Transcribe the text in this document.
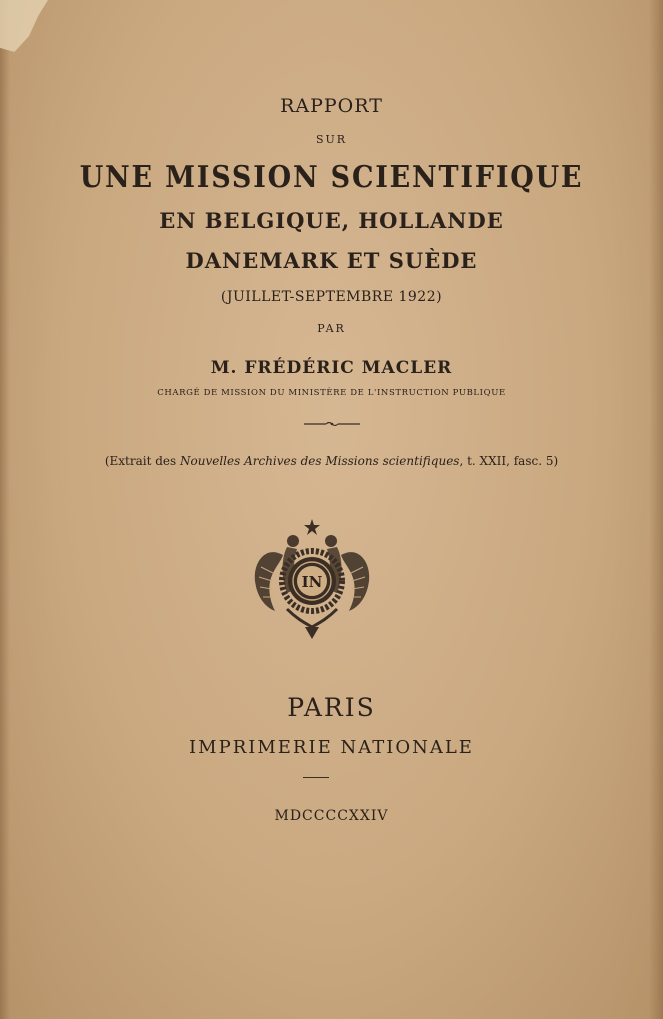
RAPPORT
SUR
UNE MISSION SCIENTIFIQUE
EN BELGIQUE, HOLLANDE
DANEMARK ET SUÈDE
(JUILLET-SEPTEMBRE 1922)
PAR
M. FRÉDÉRIC MACLER
CHARGÉ DE MISSION DU MINISTÈRE DE L'INSTRUCTION PUBLIQUE
(Extrait des Nouvelles Archives des Missions scientifiques, t. XXII, fasc. 5)
IN
PARIS
IMPRIMERIE NATIONALE
MDCCCCXXIV
